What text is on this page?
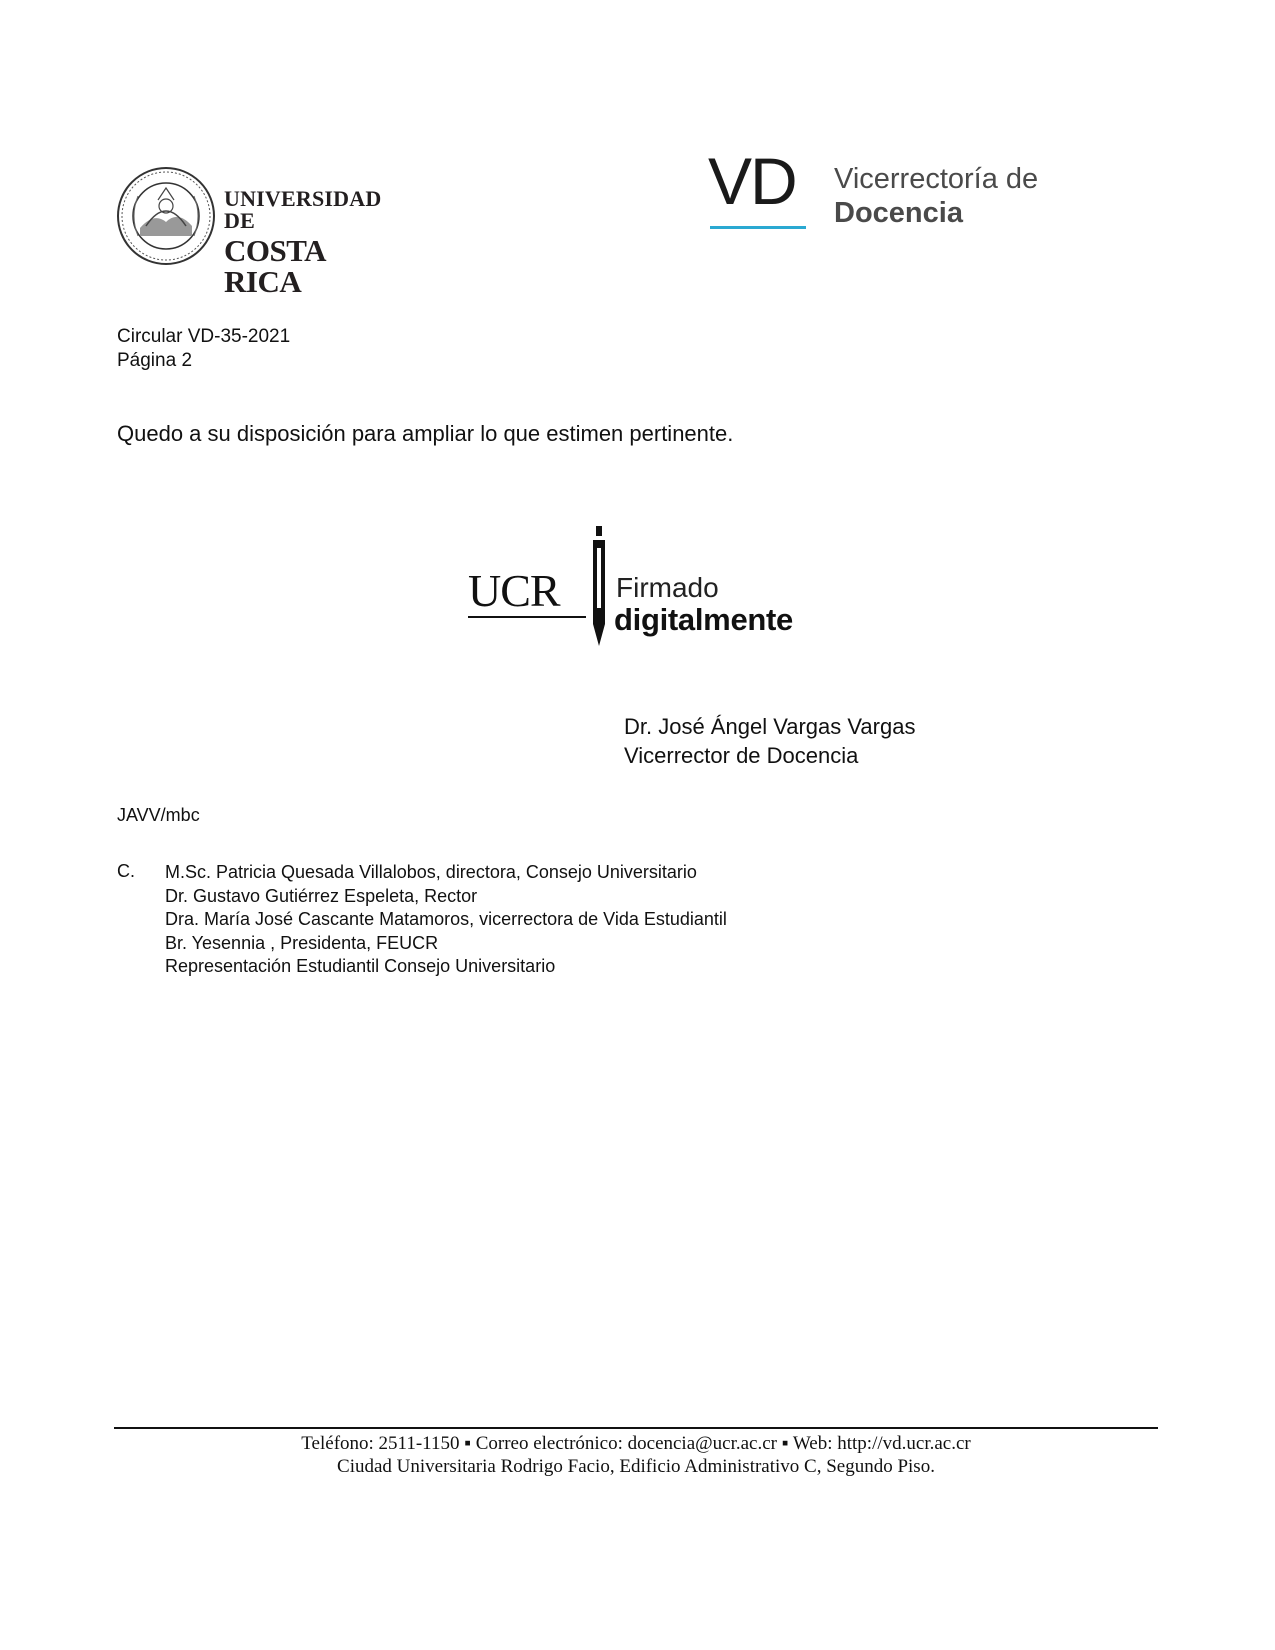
UNIVERSIDAD DE
COSTA RICA
VD Vicerrectoría de
Docencia
Circular VD-35-2021
Página 2
Quedo a su disposición para ampliar lo que estimen pertinente.
UCR Firmado
digitalmente
Dr. José Ángel Vargas Vargas
Vicerrector de Docencia
JAVV/mbc
C. M.Sc. Patricia Quesada Villalobos, directora, Consejo Universitario
Dr. Gustavo Gutiérrez Espeleta, Rector
Dra. María José Cascante Matamoros, vicerrectora de Vida Estudiantil
Br. Yesennia , Presidenta, FEUCR
Representación Estudiantil Consejo Universitario
Teléfono: 2511-1150 ▪ Correo electrónico: docencia@ucr.ac.cr ▪ Web: http://vd.ucr.ac.cr
Ciudad Universitaria Rodrigo Facio, Edificio Administrativo C, Segundo Piso.
